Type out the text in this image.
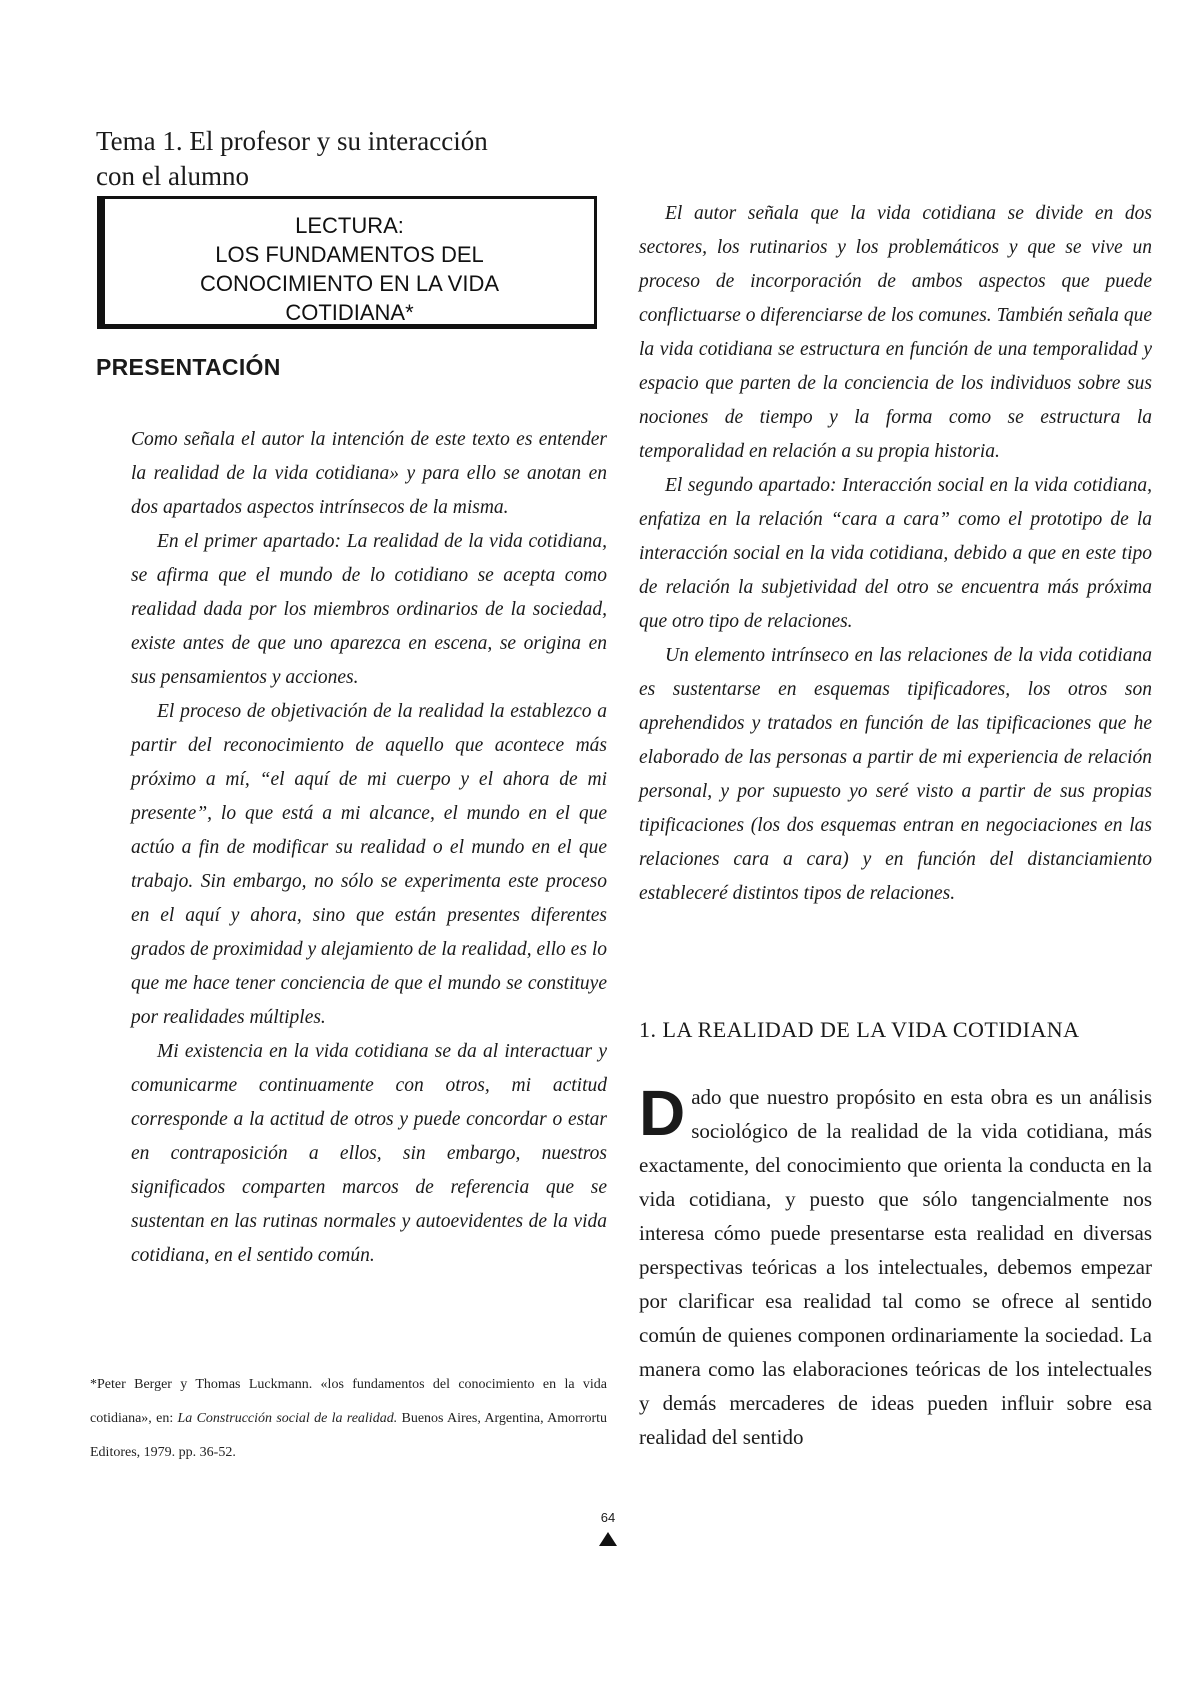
Tema 1. El profesor y su interacción
con el alumno
LECTURA:
LOS FUNDAMENTOS DEL
CONOCIMIENTO EN LA VIDA
COTIDIANA*
PRESENTACIÓN

Como señala el autor la intención de este texto es entender la realidad de la vida cotidiana» y para ello se anotan en dos apartados aspectos intrínsecos de la misma.

En el primer apartado: La realidad de la vida cotidiana, se afirma que el mundo de lo cotidiano se acepta como realidad dada por los miembros ordinarios de la sociedad, existe antes de que uno aparezca en escena, se origina en sus pensamientos y acciones.

El proceso de objetivación de la realidad la establezco a partir del reconocimiento de aquello que acontece más próximo a mí, “el aquí de mi cuerpo y el ahora de mi presente”, lo que está a mi alcance, el mundo en el que actúo a fin de modificar su realidad o el mundo en el que trabajo. Sin embargo, no sólo se experimenta este proceso en el aquí y ahora, sino que están presentes diferentes grados de proximidad y alejamiento de la realidad, ello es lo que me hace tener conciencia de que el mundo se constituye por realidades múltiples.

Mi existencia en la vida cotidiana se da al interactuar y comunicarme continuamente con otros, mi actitud corresponde a la actitud de otros y puede concordar o estar en contraposición a ellos, sin embargo, nuestros significados comparten marcos de referencia que se sustentan en las rutinas normales y autoevidentes de la vida cotidiana, en el sentido común.

*Peter Berger y Thomas Luckmann. «los fundamentos del conocimiento en la vida cotidiana», en: La Construcción social de la realidad. Buenos Aires, Argentina, Amorrortu Editores, 1979. pp. 36-52.

El autor señala que la vida cotidiana se divide en dos sectores, los rutinarios y los problemáticos y que se vive un proceso de incorporación de ambos aspectos que puede conflictuarse o diferenciarse de los comunes. También señala que la vida cotidiana se estructura en función de una temporalidad y espacio que parten de la conciencia de los individuos sobre sus nociones de tiempo y la forma como se estructura la temporalidad en relación a su propia historia.

El segundo apartado: Interacción social en la vida cotidiana, enfatiza en la relación “cara a cara” como el prototipo de la interacción social en la vida cotidiana, debido a que en este tipo de relación la subjetividad del otro se encuentra más próxima que otro tipo de relaciones.

Un elemento intrínseco en las relaciones de la vida cotidiana es sustentarse en esquemas tipificadores, los otros son aprehendidos y tratados en función de las tipificaciones que he elaborado de las personas a partir de mi experiencia de relación personal, y por supuesto yo seré visto a partir de sus propias tipificaciones (los dos esquemas entran en negociaciones en las relaciones cara a cara) y en función del distanciamiento estableceré distintos tipos de relaciones.

1. LA REALIDAD DE LA VIDA COTIDIANA

Dado que nuestro propósito en esta obra es un análisis sociológico de la realidad de la vida cotidiana, más exactamente, del conocimiento que orienta la conducta en la vida cotidiana, y puesto que sólo tangencialmente nos interesa cómo puede presentarse esta realidad en diversas perspectivas teóricas a los intelectuales, debemos empezar por clarificar esa realidad tal como se ofrece al sentido común de quienes componen ordinariamente la sociedad. La manera como las elaboraciones teóricas de los intelectuales y demás mercaderes de ideas pueden influir sobre esa realidad del sentido

64
